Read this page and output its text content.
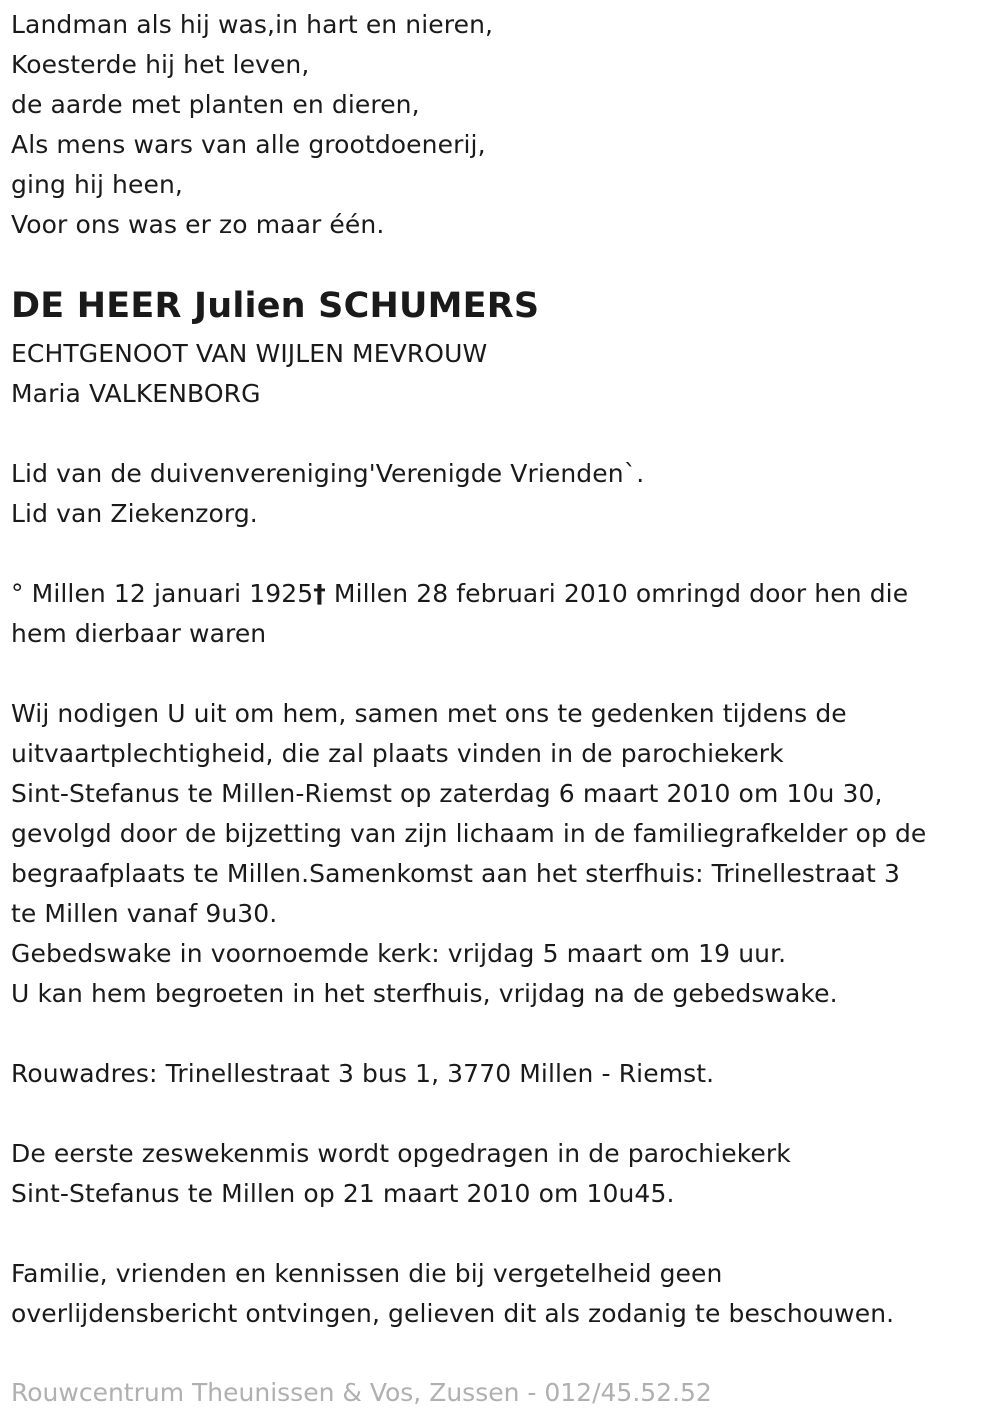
Landman als hij was,in hart en nieren,
Koesterde hij het leven,
de aarde met planten en dieren,
Als mens wars van alle grootdoenerij,
ging hij heen,
Voor ons was er zo maar één.
DE HEER Julien SCHUMERS
ECHTGENOOT VAN WIJLEN MEVROUW
Maria VALKENBORG
Lid van de duivenvereniging'Verenigde Vrienden`.
Lid van Ziekenzorg.
° Millen 12 januari 1925† Millen 28 februari 2010 omringd door hen die
hem dierbaar waren
Wij nodigen U uit om hem, samen met ons te gedenken tijdens de
uitvaartplechtigheid, die zal plaats vinden in de parochiekerk
Sint-Stefanus te Millen-Riemst op zaterdag 6 maart 2010 om 10u 30,
gevolgd door de bijzetting van zijn lichaam in de familiegrafkelder op de
begraafplaats te Millen.Samenkomst aan het sterfhuis: Trinellestraat 3
te Millen vanaf 9u30.
Gebedswake in voornoemde kerk: vrijdag 5 maart om 19 uur.
U kan hem begroeten in het sterfhuis, vrijdag na de gebedswake.
Rouwadres: Trinellestraat 3 bus 1, 3770 Millen - Riemst.
De eerste zeswekenmis wordt opgedragen in de parochiekerk
Sint-Stefanus te Millen op 21 maart 2010 om 10u45.
Familie, vrienden en kennissen die bij vergetelheid geen
overlijdensbericht ontvingen, gelieven dit als zodanig te beschouwen.
Rouwcentrum Theunissen & Vos, Zussen - 012/45.52.52
